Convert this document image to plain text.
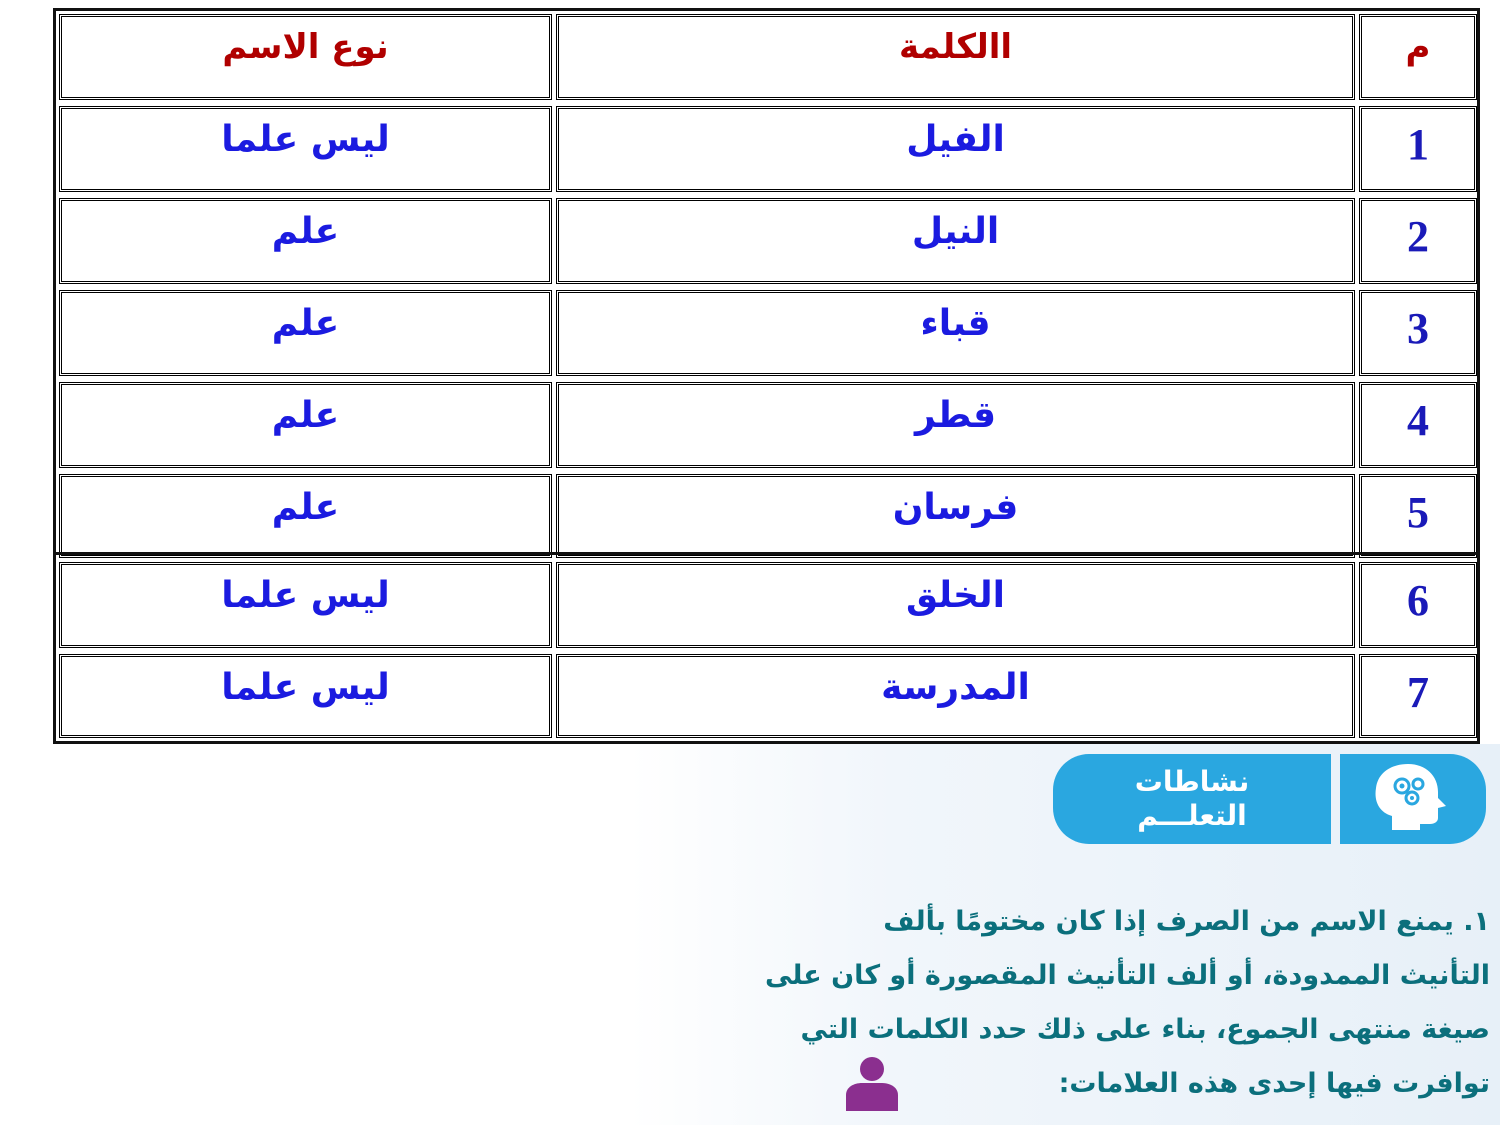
م
االكلمة
نوع الاسم
1
الفيل
ليس علما
2
النيل
علم
3
قباء
علم
4
قطر
علم
5
فرسان
علم
6
الخلق
ليس علما
7
المدرسة
ليس علما
نشاطات
التعلـــم
١. يمنع الاسم من الصرف إذا كان مختومًا بألف
التأنيث الممدودة، أو ألف التأنيث المقصورة أو كان على
صيغة منتهى الجموع، بناء على ذلك حدد الكلمات التي
توافرت فيها إحدى هذه العلامات:
